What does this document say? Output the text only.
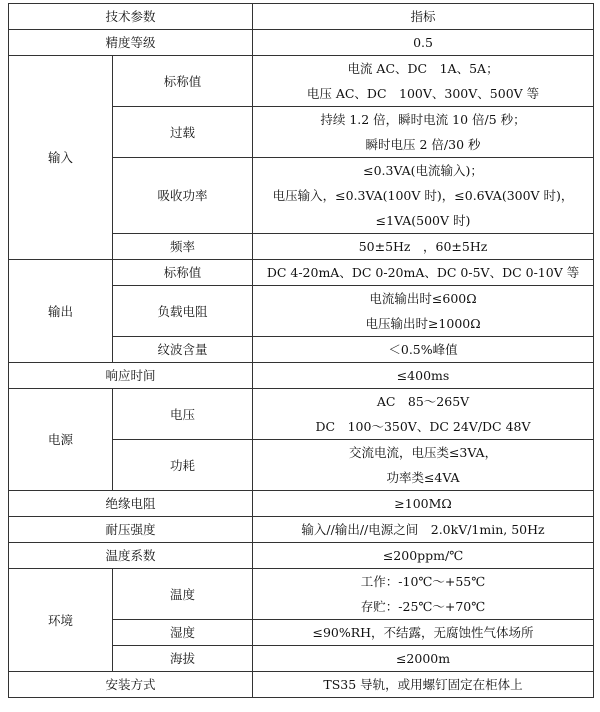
技术参数		指标
精度等级		0.5
输入	标称值	电流 AC、DC　1A、5A；
电压 AC、DC　100V、300V、500V 等

	过载	持续 1.2 倍，瞬时电流 10 倍/5 秒；
瞬时电压 2 倍/30 秒

	吸收功率	≤0.3VA(电流输入)；
电压输入，≤0.3VA(100V 时)，≤0.6VA(300V 时)，
≤1VA(500V 时)

	频率	50±5Hz　，60±5Hz
输出	标称值	DC 4-20mA、DC 0-20mA、DC 0-5V、DC 0-10V 等
	负载电阻	电流输出时≤600Ω
电压输出时≥1000Ω

	纹波含量	＜0.5%峰值
响应时间		≤400ms
电源	电压	AC　85～265V
DC　100～350V、DC 24V/DC 48V

	功耗	交流电流，电压类≤3VA，
功率类≤4VA

绝缘电阻		≥100MΩ
耐压强度		输入//输出//电源之间　2.0kV/1min, 50Hz
温度系数		≤200ppm/℃
环境	温度	工作：-10℃～+55℃
存贮：-25℃～+70℃

	湿度	≤90%RH，不结露，无腐蚀性气体场所
	海拔	≤2000m
安装方式		TS35 导轨，或用螺钉固定在柜体上
